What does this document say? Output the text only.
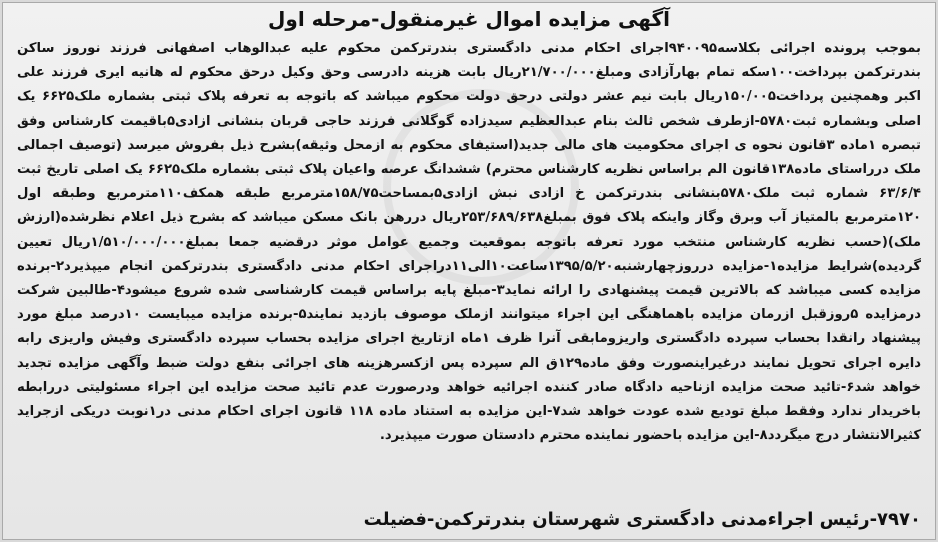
آگهی مزایده اموال غیرمنقول-مرحله اول
بموجب پرونده اجرائی بکلاسه۹۴۰۰۹۵اجرای احکام مدنی دادگستری بندرترکمن محکوم علیه عبدالوهاب اصفهانی فرزند نوروز ساکن بندرترکمن بپرداخت۱۰۰سکه تمام بهارآزادی ومبلغ۲۱/۷۰۰/۰۰۰ریال بابت هزینه دادرسی وحق وکیل درحق محکوم له هانیه ایری فرزند علی اکبر وهمچنین پرداخت۱۵۰/۰۰۵ریال بابت نیم عشر دولتی درحق دولت محکوم میباشد که باتوجه به تعرفه پلاک ثبتی بشماره ملک۶۶۲۵ یک اصلی وبشماره ثبت۵۷۸۰-ازطرف شخص ثالث بنام عبدالعظیم سیدزاده گوگلانی فرزند حاجی قربان بنشانی ازادی۵باقیمت کارشناس وفق تبصره ۱ماده ۳قانون نحوه ی اجرای محکومیت های مالی جدید(استیفای محکوم به ازمحل وثیقه)بشرح ذیل بفروش میرسد (توصیف اجمالی ملک درراستای ماده۱۳۸قانون الم براساس نظریه کارشناس محترم) ششدانگ عرصه واعیان پلاک ثبتی بشماره ملک۶۶۲۵ یک اصلی تاریخ ثبت ۶۳/۶/۴ شماره ثبت ملک۵۷۸۰بنشانی بندرترکمن خ ازادی نبش ازادی۵بمساحت۱۵۸/۷۵مترمربع طبقه همکف۱۱۰مترمربع وطبقه اول ۱۲۰مترمربع بالمتیاز آب وبرق وگاز واینکه پلاک فوق بمبلغ۲۵۳/۶۸۹/۶۳۸ریال دررهن بانک مسکن میباشد که بشرح ذیل اعلام نظرشده(ارزش ملک)(حسب نظریه کارشناس منتخب مورد تعرفه باتوجه بموقعیت وجمیع عوامل موثر درقضیه جمعا بمبلغ۱/۵۱۰/۰۰۰/۰۰۰ریال تعیین گردیده)شرایط مزایده۱-مزایده درروزچهارشنبه۱۳۹۵/۵/۲۰ساعت۱۰الی۱۱دراجرای احکام مدنی دادگستری بندرترکمن انجام میپذیرد۲-برنده مزایده کسی میباشد که بالاترین قیمت پیشنهادی را ارائه نماید۳-مبلغ پایه براساس قیمت کارشناسی شده شروع میشود۴-طالبین شرکت درمزایده ۵روزقبل ازرمان مزایده باهماهنگی این اجراء میتوانند ازملک موصوف بازدید نمایند۵-برنده مزایده میبایست ۱۰درصد مبلغ مورد پیشنهاد رانقدا بحساب سپرده دادگستری واریزومابقی آنرا ظرف ۱ماه ازتاریخ اجرای مزایده بحساب سپرده دادگستری وفیش واریزی رابه دایره اجرای تحویل نمایند درغیراینصورت وفق ماده۱۲۹ق الم سپرده پس ازکسرهزینه های اجرائی بنفع دولت ضبط وآگهی مزایده تجدید خواهد شد۶-تائید صحت مزایده ازناحیه دادگاه صادر کننده اجرائیه خواهد ودرصورت عدم تائید صحت مزایده این اجراء مسئولیتی دررابطه باخریدار ندارد وفقط مبلغ تودیع شده عودت خواهد شد۷-این مزایده به استناد ماده ۱۱۸ قانون اجرای احکام مدنی در۱نوبت دریکی ازجراید کثیرالانتشار درج میگردد۸-این مزایده باحضور نماینده محترم دادستان صورت میپذیرد.
۷۹۷۰-رئیس اجراءمدنی دادگستری شهرستان بندرترکمن-فضیلت
